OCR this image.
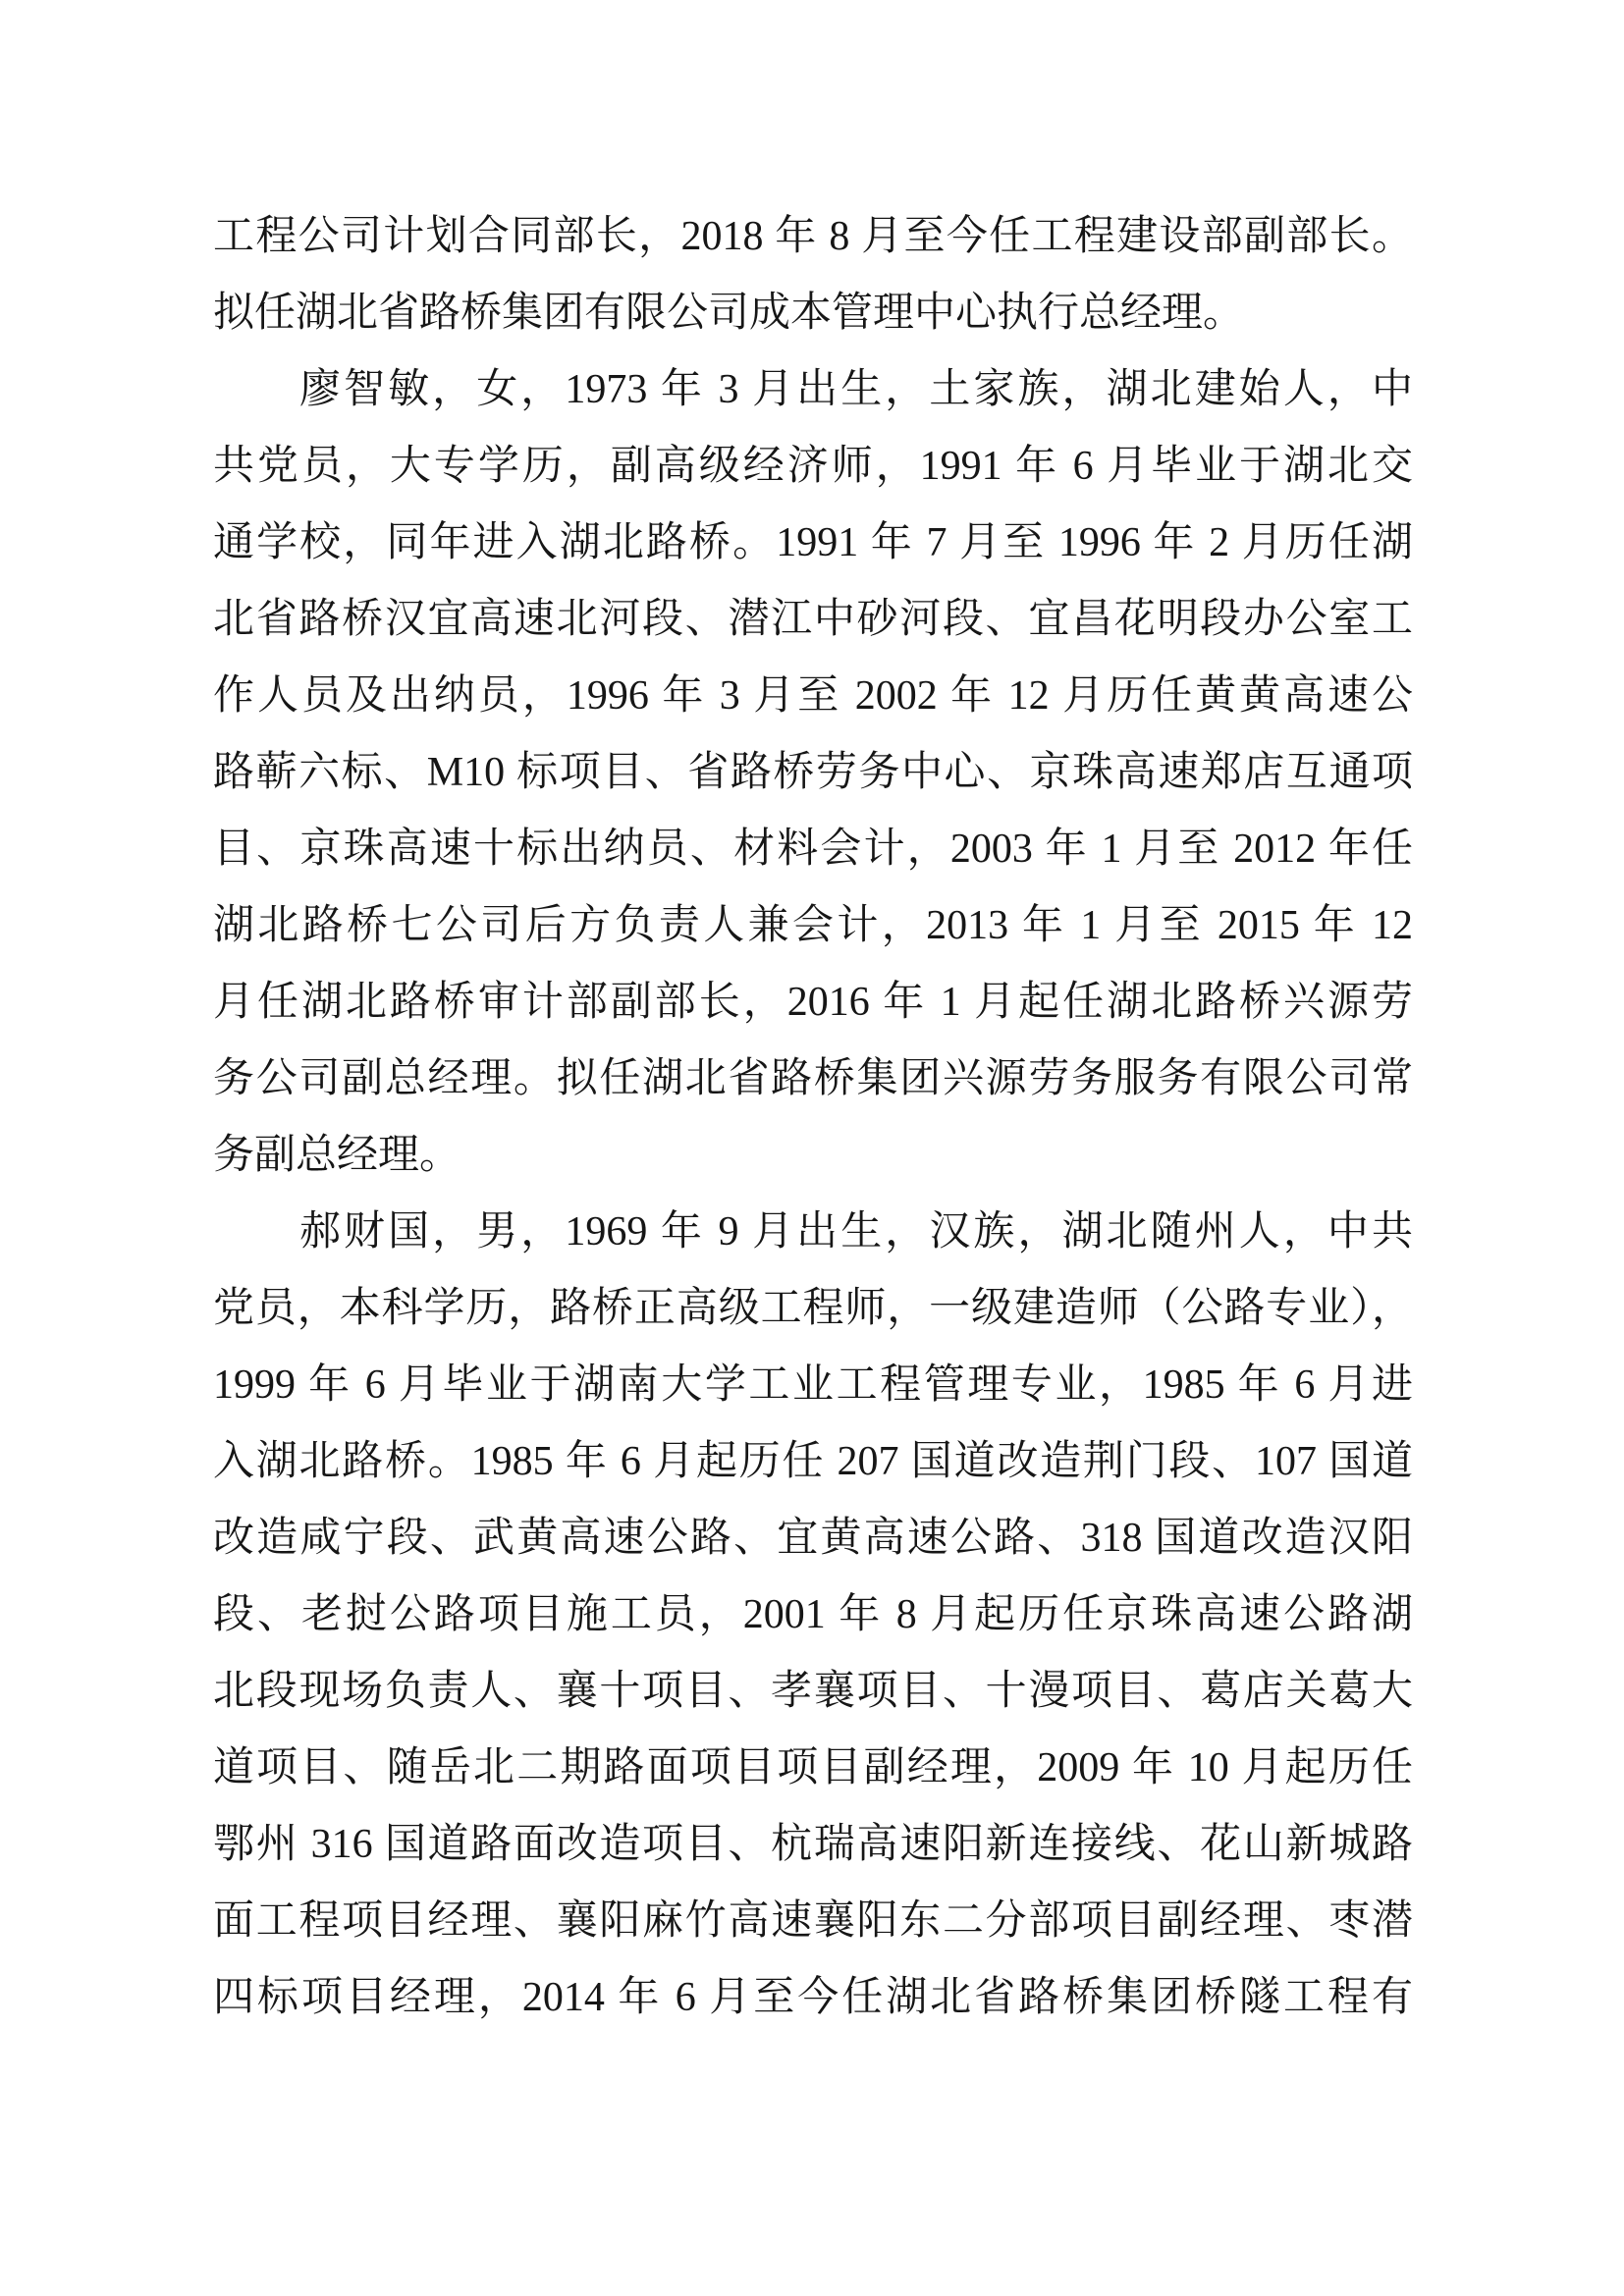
工程公司计划合同部长，2018 年 8 月至今任工程建设部副部长。
拟任湖北省路桥集团有限公司成本管理中心执行总经理。
廖智敏，女，1973 年 3 月出生，土家族，湖北建始人，中
共党员，大专学历，副高级经济师，1991 年 6 月毕业于湖北交
通学校，同年进入湖北路桥。1991 年 7 月至 1996 年 2 月历任湖
北省路桥汉宜高速北河段、潜江中砂河段、宜昌花明段办公室工
作人员及出纳员，1996 年 3 月至 2002 年 12 月历任黄黄高速公
路蕲六标、M10 标项目、省路桥劳务中心、京珠高速郑店互通项
目、京珠高速十标出纳员、材料会计，2003 年 1 月至 2012 年任
湖北路桥七公司后方负责人兼会计，2013 年 1 月至 2015 年 12
月任湖北路桥审计部副部长，2016 年 1 月起任湖北路桥兴源劳
务公司副总经理。拟任湖北省路桥集团兴源劳务服务有限公司常
务副总经理。
郝财国，男，1969 年 9 月出生，汉族，湖北随州人，中共
党员，本科学历，路桥正高级工程师，一级建造师（公路专业），
1999 年 6 月毕业于湖南大学工业工程管理专业，1985 年 6 月进
入湖北路桥。1985 年 6 月起历任 207 国道改造荆门段、107 国道
改造咸宁段、武黄高速公路、宜黄高速公路、318 国道改造汉阳
段、老挝公路项目施工员，2001 年 8 月起历任京珠高速公路湖
北段现场负责人、襄十项目、孝襄项目、十漫项目、葛店关葛大
道项目、随岳北二期路面项目项目副经理，2009 年 10 月起历任
鄂州 316 国道路面改造项目、杭瑞高速阳新连接线、花山新城路
面工程项目经理、襄阳麻竹高速襄阳东二分部项目副经理、枣潜
四标项目经理，2014 年 6 月至今任湖北省路桥集团桥隧工程有
